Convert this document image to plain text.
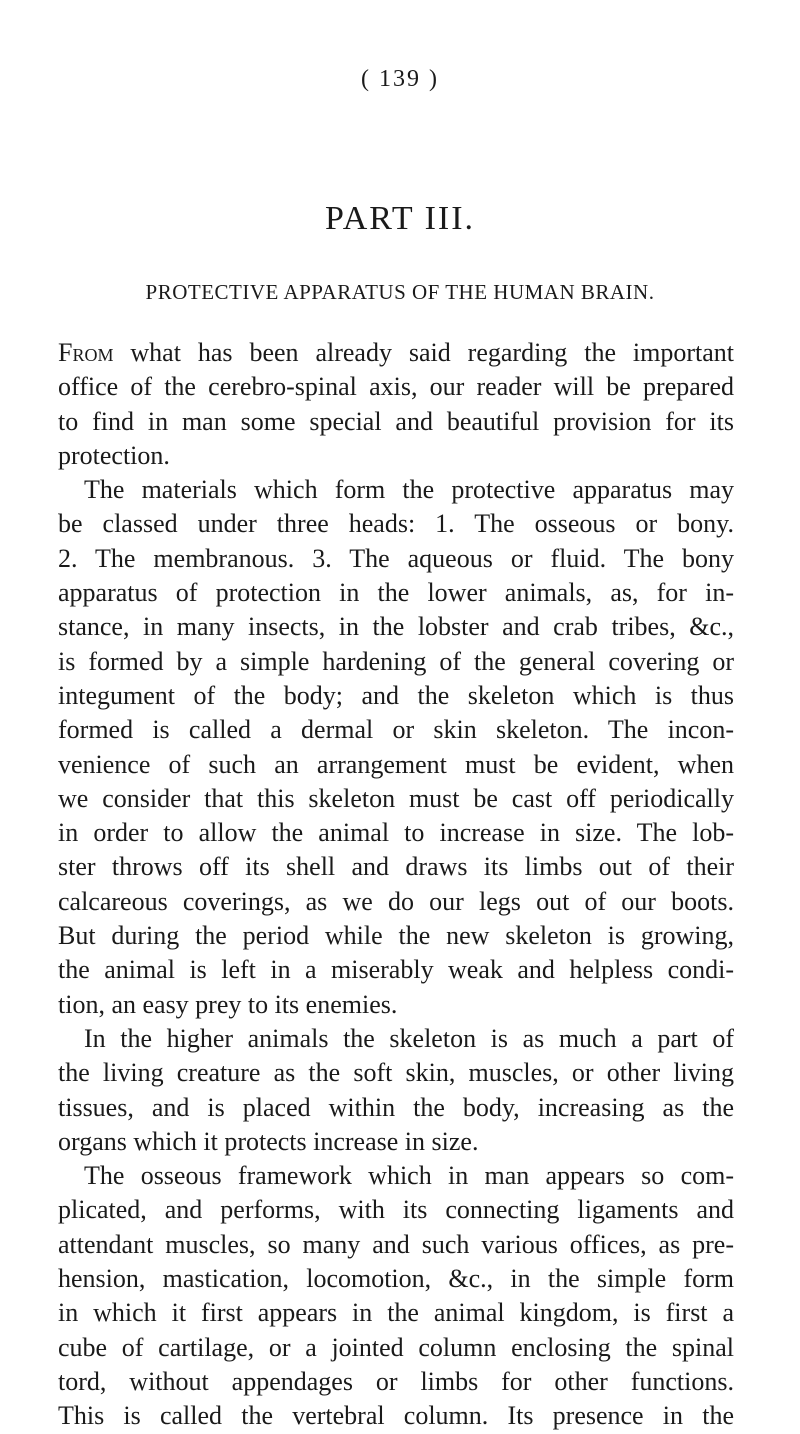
( 139 )
PART III.
PROTECTIVE APPARATUS OF THE HUMAN BRAIN.
From what has been already said regarding the important
office of the cerebro-spinal axis, our reader will be prepared
to find in man some special and beautiful provision for its
protection.
The materials which form the protective apparatus may
be classed under three heads: 1. The osseous or bony.
2. The membranous. 3. The aqueous or fluid. The bony
apparatus of protection in the lower animals, as, for in-
stance, in many insects, in the lobster and crab tribes, &c.,
is formed by a simple hardening of the general covering or
integument of the body; and the skeleton which is thus
formed is called a dermal or skin skeleton. The incon-
venience of such an arrangement must be evident, when
we consider that this skeleton must be cast off periodically
in order to allow the animal to increase in size. The lob-
ster throws off its shell and draws its limbs out of their
calcareous coverings, as we do our legs out of our boots.
But during the period while the new skeleton is growing,
the animal is left in a miserably weak and helpless condi-
tion, an easy prey to its enemies.
In the higher animals the skeleton is as much a part of
the living creature as the soft skin, muscles, or other living
tissues, and is placed within the body, increasing as the
organs which it protects increase in size.
The osseous framework which in man appears so com-
plicated, and performs, with its connecting ligaments and
attendant muscles, so many and such various offices, as pre-
hension, mastication, locomotion, &c., in the simple form
in which it first appears in the animal kingdom, is first a
cube of cartilage, or a jointed column enclosing the spinal
tord, without appendages or limbs for other functions.
This is called the vertebral column. Its presence in the
